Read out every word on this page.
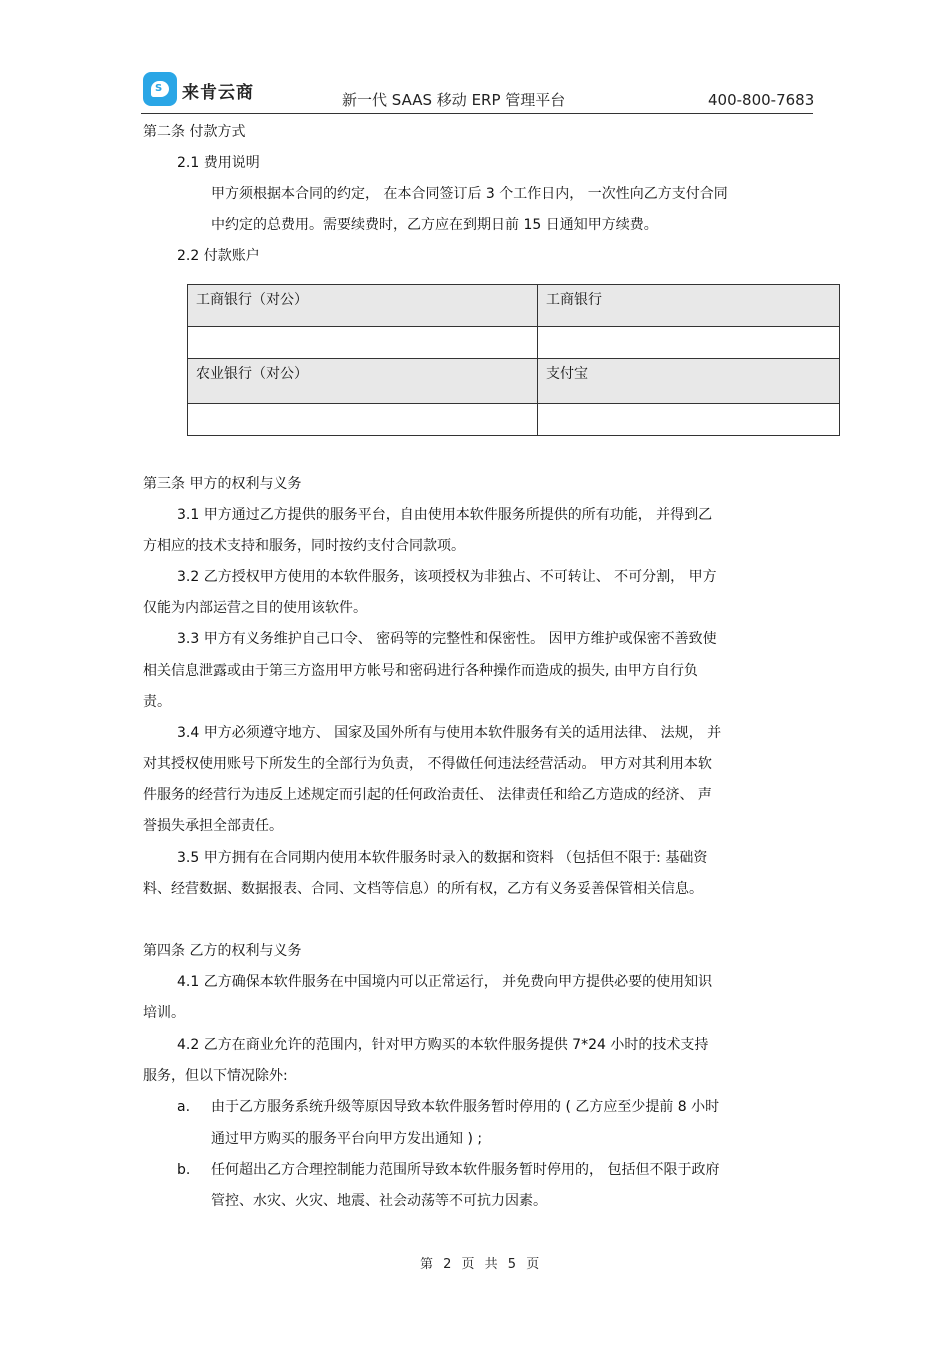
S 来肯云商	新一代 SAAS 移动 ERP 管理平台	400-800-7683
第二条 付款方式
2.1 费用说明
甲方须根据本合同的约定， 在本合同签订后 3 个工作日内， 一次性向乙方支付合同
中约定的总费用。需要续费时，乙方应在到期日前 15 日通知甲方续费。
2.2 付款账户
工商银行（对公）	工商银行

农业银行（对公）	支付宝

第三条 甲方的权利与义务
3.1 甲方通过乙方提供的服务平台，自由使用本软件服务所提供的所有功能， 并得到乙
方相应的技术支持和服务，同时按约支付合同款项。
3.2 乙方授权甲方使用的本软件服务，该项授权为非独占、不可转让、 不可分割， 甲方
仅能为内部运营之目的使用该软件。
3.3 甲方有义务维护自己口令、 密码等的完整性和保密性。 因甲方维护或保密不善致使
相关信息泄露或由于第三方盗用甲方帐号和密码进行各种操作而造成的损失, 由甲方自行负
责。
3.4 甲方必须遵守地方、 国家及国外所有与使用本软件服务有关的适用法律、 法规， 并
对其授权使用账号下所发生的全部行为负责， 不得做任何违法经营活动。 甲方对其利用本软
件服务的经营行为违反上述规定而引起的任何政治责任、 法律责任和给乙方造成的经济、 声
誉损失承担全部责任。
3.5 甲方拥有在合同期内使用本软件服务时录入的数据和资料 （包括但不限于: 基础资
料、经营数据、数据报表、合同、文档等信息）的所有权，乙方有义务妥善保管相关信息。
第四条 乙方的权利与义务
4.1 乙方确保本软件服务在中国境内可以正常运行， 并免费向甲方提供必要的使用知识
培训。
4.2 乙方在商业允许的范围内，针对甲方购买的本软件服务提供 7*24 小时的技术支持
服务，但以下情况除外:
a. 由于乙方服务系统升级等原因导致本软件服务暂时停用的 ( 乙方应至少提前 8 小时
通过甲方购买的服务平台向甲方发出通知 ) ;
b. 任何超出乙方合理控制能力范围所导致本软件服务暂时停用的， 包括但不限于政府
管控、水灾、火灾、地震、社会动荡等不可抗力因素。
第 2 页 共 5 页
